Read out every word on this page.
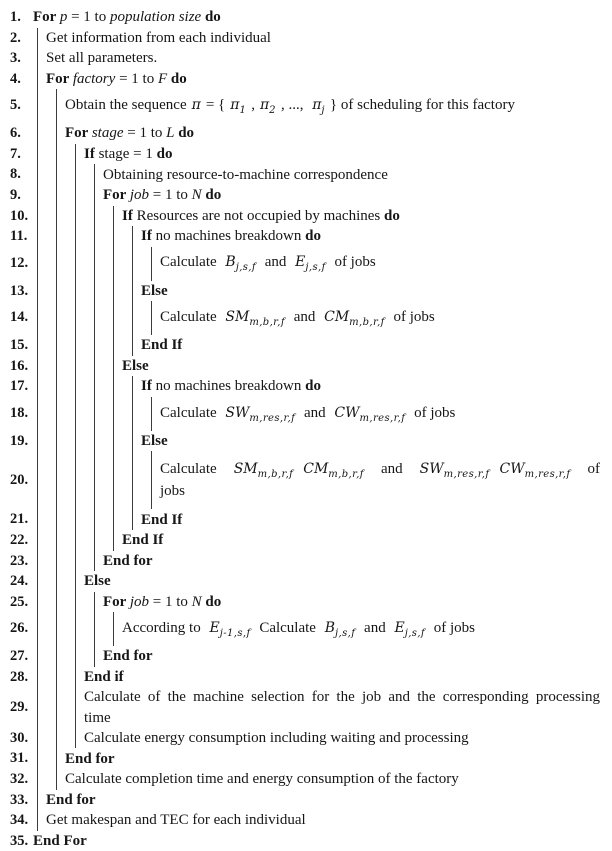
1. For p = 1 to population size do
2.	Get information from each individual
3.	Set all parameters.
4.	For factory = 1 to F do
5.	Obtain the sequence π = { $\pi_1$ , $\pi_2$ , ..., $\pi_j$ } of scheduling for this factory
6.	For stage = 1 to L do
7.	If stage = 1 do
8.	Obtaining resource-to-machine correspondence
9.	For job = 1 to N do
10.	If Resources are not occupied by machines do
11.	If no machines breakdown do
12.	Calculate $B_{j,s,f}$ and $E_{j,s,f}$ of jobs
13.	Else
14.	Calculate $SM_{m,b,r,f}$ and $CM_{m,b,r,f}$ of jobs
15.	End If
16.	Else
17.	If no machines breakdown do
18.	Calculate $SW_{m,res,r,f}$ and $CW_{m,res,r,f}$ of jobs
19.	Else
20.
Calculate $SM_{m,b,r,f}$ $CM_{m,b,r,f}$ and $SW_{m,res,r,f}$ $CW_{m,res,r,f}$ of
jobs
21.	End If
22.	End If
23.	End for
24.	Else
25.	For job = 1 to N do
26.	According to $E_{j-1,s,f}$ Calculate $B_{j,s,f}$ and $E_{j,s,f}$ of jobs
27.	End for
28.	End if
29.
Calculate of the machine selection for the job and the corresponding processing
time
30.	Calculate energy consumption including waiting and processing
31.	End for
32.	Calculate completion time and energy consumption of the factory
33.	End for
34.	Get makespan and TEC for each individual
35. End For
